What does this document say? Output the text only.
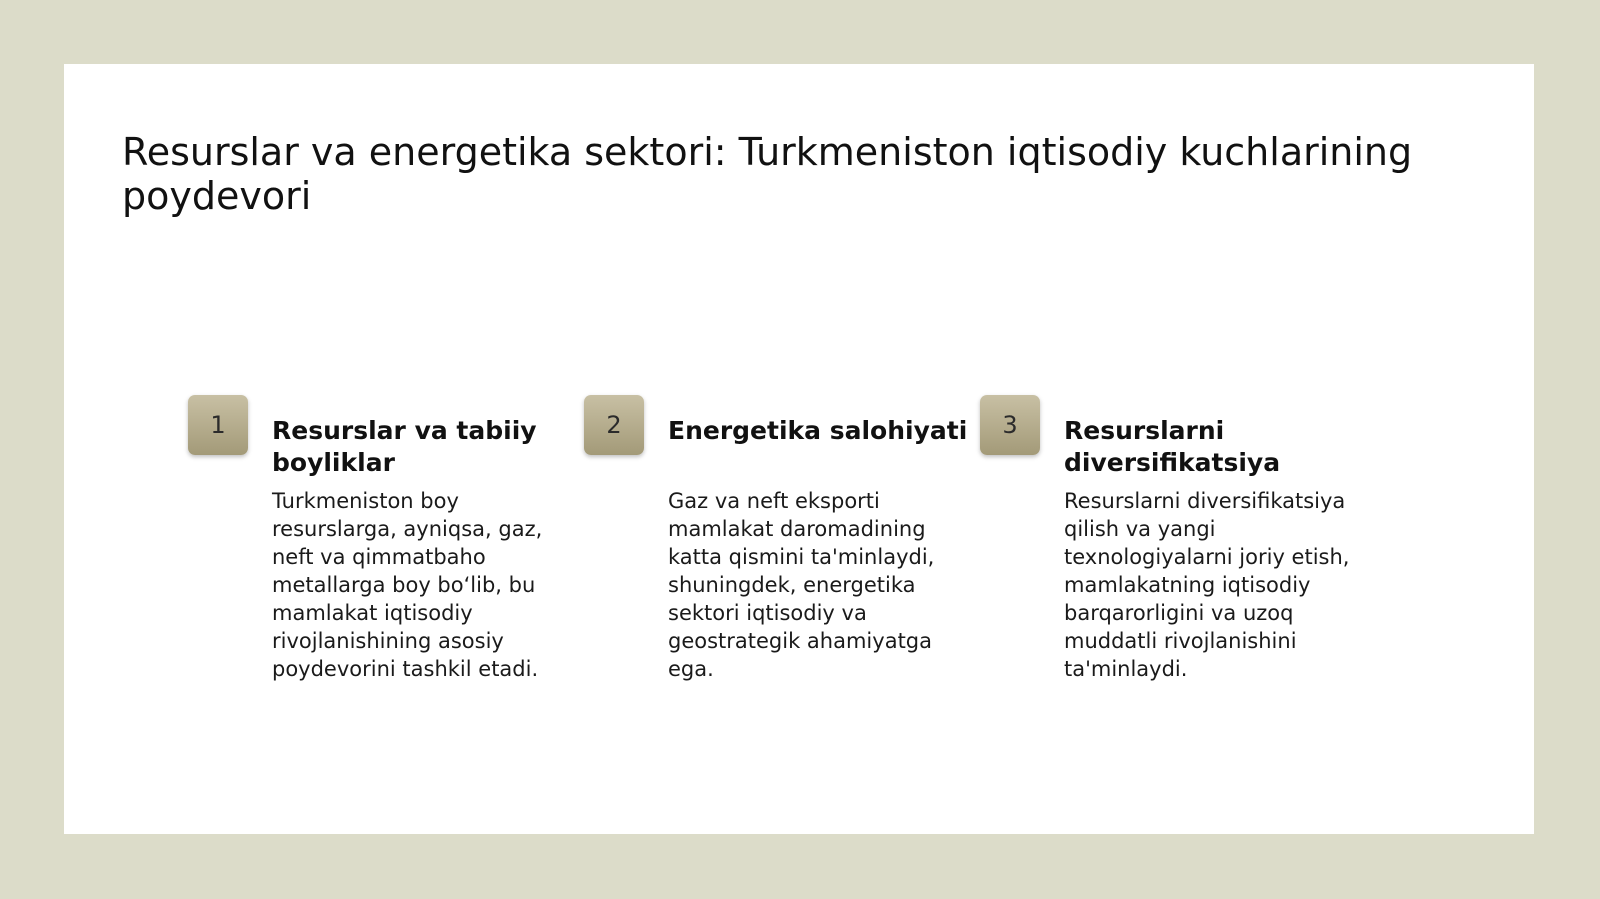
Resurslar va energetika sektori: Turkmeniston iqtisodiy kuchlarining poydevori
1	Resurslar va tabiiy boyliklar

Turkmeniston boy resurslarga, ayniqsa, gaz, neft va qimmatbaho metallarga boy bo‘lib, bu mamlakat iqtisodiy rivojlanishining asosiy poydevorini tashkil etadi.

2	Energetika salohiyati

Gaz va neft eksporti mamlakat daromadining katta qismini ta'minlaydi, shuningdek, energetika sektori iqtisodiy va geostrategik ahamiyatga ega.

3	Resurslarni diversifikatsiya

Resurslarni diversifikatsiya qilish va yangi texnologiyalarni joriy etish, mamlakatning iqtisodiy barqarorligini va uzoq muddatli rivojlanishini ta'minlaydi.
